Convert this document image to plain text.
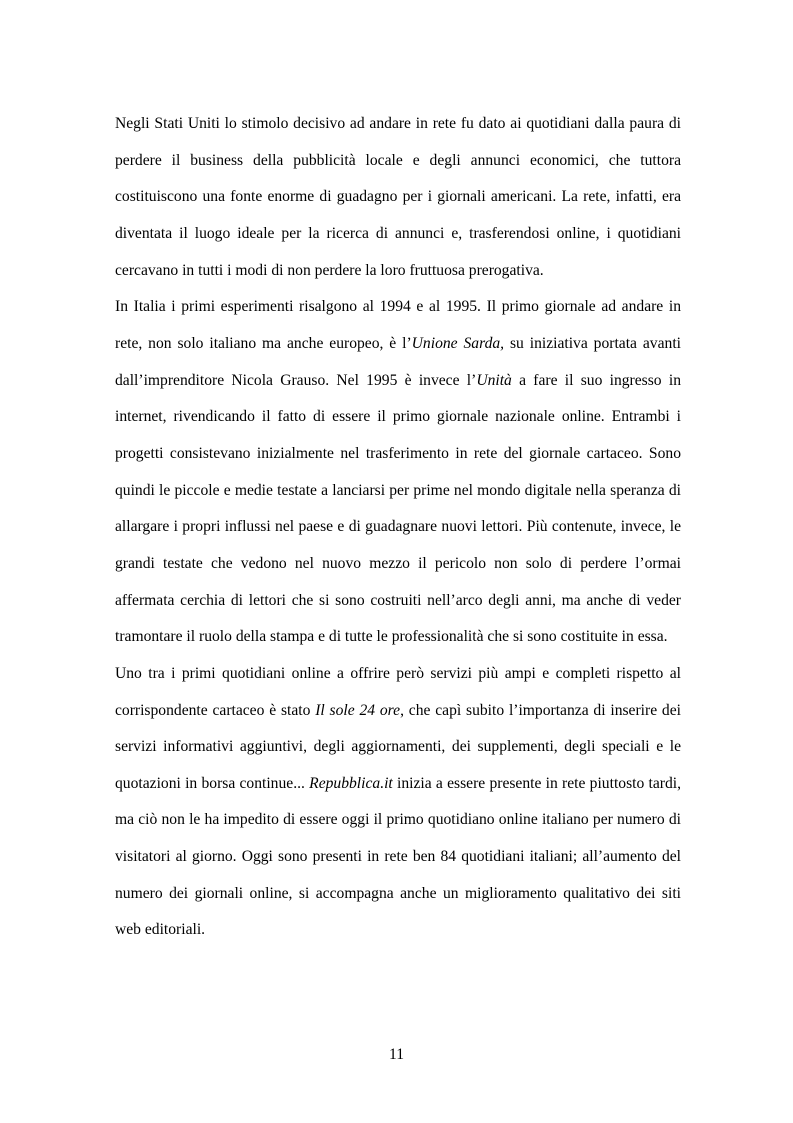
Negli Stati Uniti lo stimolo decisivo ad andare in rete fu dato ai quotidiani dalla paura di perdere il business della pubblicità locale e degli annunci economici, che tuttora costituiscono una fonte enorme di guadagno per i giornali americani. La rete, infatti, era diventata il luogo ideale per la ricerca di annunci e, trasferendosi online, i quotidiani cercavano in tutti i modi di non perdere la loro fruttuosa prerogativa.

In Italia i primi esperimenti risalgono al 1994 e al 1995. Il primo giornale ad andare in rete, non solo italiano ma anche europeo, è l’Unione Sarda, su iniziativa portata avanti dall’imprenditore Nicola Grauso. Nel 1995 è invece l’Unità a fare il suo ingresso in internet, rivendicando il fatto di essere il primo giornale nazionale online. Entrambi i progetti consistevano inizialmente nel trasferimento in rete del giornale cartaceo. Sono quindi le piccole e medie testate a lanciarsi per prime nel mondo digitale nella speranza di allargare i propri influssi nel paese e di guadagnare nuovi lettori. Più contenute, invece, le grandi testate che vedono nel nuovo mezzo il pericolo non solo di perdere l’ormai affermata cerchia di lettori che si sono costruiti nell’arco degli anni, ma anche di veder tramontare il ruolo della stampa e di tutte le professionalità che si sono costituite in essa.

Uno tra i primi quotidiani online a offrire però servizi più ampi e completi rispetto al corrispondente cartaceo è stato Il sole 24 ore, che capì subito l’importanza di inserire dei servizi informativi aggiuntivi, degli aggiornamenti, dei supplementi, degli speciali e le quotazioni in borsa continue... Repubblica.it inizia a essere presente in rete piuttosto tardi, ma ciò non le ha impedito di essere oggi il primo quotidiano online italiano per numero di visitatori al giorno. Oggi sono presenti in rete ben 84 quotidiani italiani; all’aumento del numero dei giornali online, si accompagna anche un miglioramento qualitativo dei siti web editoriali.

11
